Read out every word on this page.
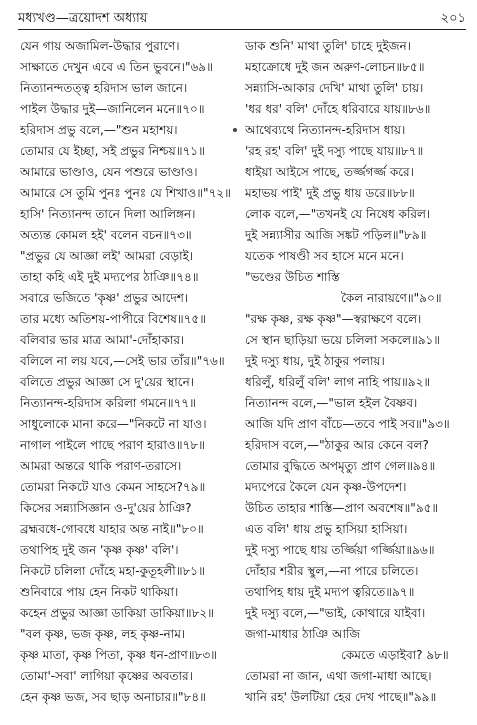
মধ্যখণ্ড—ত্রয়োদশ অধ্যায়	২০১
যেন গায় অজামিল-উদ্ধার পুরাণে।
সাক্ষাতে দেখুন এবে এ তিন ভুবনে।"৬৯॥
নিত্যানন্দতত্ত্ব হরিদাস ভাল জানে।
পাইল উদ্ধার দুই—জানিলেন মনে॥৭০॥
হরিদাস প্রভু বলে,—"শুন মহাশয়।
তোমার যে ইচ্ছা, সই প্রভুর নিশ্চয়॥৭১॥
আমারে ভাণ্ডাও, যেন পশুরে ভাণ্ডাও।
আমারে সে তুমি পুনঃ পুনঃ যে শিখাও॥"৭২॥
হাসি' নিত্যানন্দ তানে দিলা আলিঙ্গন।
অত্যন্ত কোমল হই' বলেন বচন॥৭৩॥
"প্রভুর যে আজ্ঞা লই' আমরা বেড়াই।
তাহা কহি এই দুই মদ্যপের ঠাঞি॥৭৪॥
সবারে ভজিতে 'কৃষ্ণ' প্রভুর আদেশ।
তার মধ্যে অতিশয়-পাপীরে বিশেষ॥৭৫॥
বলিবার ভার মাত্র আমা'-দোঁহাকার।
বলিলে না লয় যবে,—সেই ভার তাঁর॥"৭৬॥
বলিতে প্রভুর আজ্ঞা সে দু'য়ের স্থানে।
নিত্যানন্দ-হরিদাস করিলা গমনে॥৭৭॥
সাধুলোকে মানা করে—"নিকটে না যাও।
নাগাল পাইলে পাছে পরাণ হারাও॥৭৮॥
আমরা অন্তরে থাকি পরাণ-তরাসে।
তোমরা নিকটে যাও কেমন সাহসে?৭৯॥
কিসের সন্ন্যাসিজ্ঞান ও-দু'য়ের ঠাঞি?
ব্রহ্মবধে-গোবধে যাহার অন্ত নাই॥"৮০॥
তথাপিহ দুই জন 'কৃষ্ণ কৃষ্ণ' বলি'।
নিকটে চলিলা দোঁহে মহা-কুতূহলী॥৮১॥
শুনিবারে পায় হেন নিকট থাকিয়া।
কহেন প্রভুর আজ্ঞা ডাকিয়া ডাকিয়া॥৮২॥
"বল কৃষ্ণ, ভজ কৃষ্ণ, লহ কৃষ্ণ-নাম।
কৃষ্ণ মাতা, কৃষ্ণ পিতা, কৃষ্ণ ধন-প্রাণ॥৮৩॥
তোমা'-সবা' লাগিয়া কৃষ্ণের অবতার।
হেন কৃষ্ণ ভজ, সব ছাড় অনাচার॥"৮৪॥
ডাক শুনি' মাথা তুলি' চাহে দুইজন।
মহাক্রোধে দুই জন অরুণ-লোচন॥৮৫॥
সন্ন্যাসি-আকার দেখি' মাথা তুলি' চায়।
'ধর ধর' বলি' দোঁহে ধরিবারে যায়॥৮৬॥
আথেব্যথে নিত্যানন্দ-হরিদাস ধায়।
'রহ রহ' বলি' দুই দস্যু পাছে যায়॥৮৭॥
ধাইয়া আইসে পাছে, তর্জ্জগর্জ্জ করে।
মহাভয় পাই' দুই প্রভু ধায় ডরে॥৮৮॥
লোক বলে,—"তখনই যে নিষেধ করিল।
দুই সন্ন্যাসীর আজি সঙ্কট পড়িল॥"৮৯॥
যতেক পাষণ্ডী সব হাসে মনে মনে।
"ভণ্ডের উচিত শাস্তি
কৈল নারায়ণে॥"৯০॥
"রক্ষ কৃষ্ণ, রক্ষ কৃষ্ণ"—স্বরাক্ষণে বলে।
সে স্থান ছাড়িয়া ভয়ে চলিলা সকলে॥৯১॥
দুই দস্যু ধায়, দুই ঠাকুর পলায়।
ধরিলুঁ, ধরিলুঁ বলি' লাগ নাহি পায়॥৯২॥
নিত্যানন্দ বলে,—"ভাল হইল বৈষ্ণব।
আজি যদি প্রাণ বাঁচে—তবে পাই সব॥"৯৩॥
হরিদাস বলে,—"ঠাকুর আর কেনে বল?
তোমার বুদ্ধিতে অপমৃত্যু প্রাণ গেল॥৯৪॥
মদ্যপেরে কৈলে যেন কৃষ্ণ-উপদেশ।
উচিত তাহার শাস্তি—প্রাণ অবশেষ॥"৯৫॥
এত বলি' ধায় প্রভু হাসিয়া হাসিয়া।
দুই দস্যু পাছে ধায় তর্জ্জিয়া গর্জ্জিয়া॥৯৬॥
দোঁহার শরীর স্থুল,—না পারে চলিতে।
তথাপিহ ধায় দুই মদ্যপ ত্বরিতে॥৯৭॥
দুই দস্যু বলে,—"ভাই, কোথারে যাইবা।
জগা-মাধার ঠাঞি আজি
কেমতে এড়াইবা? ৯৮॥
তোমরা না জান, এথা জগা-মাধা আছে।
খানি রহ' উলটিয়া হের দেখ পাছে॥"৯৯॥
